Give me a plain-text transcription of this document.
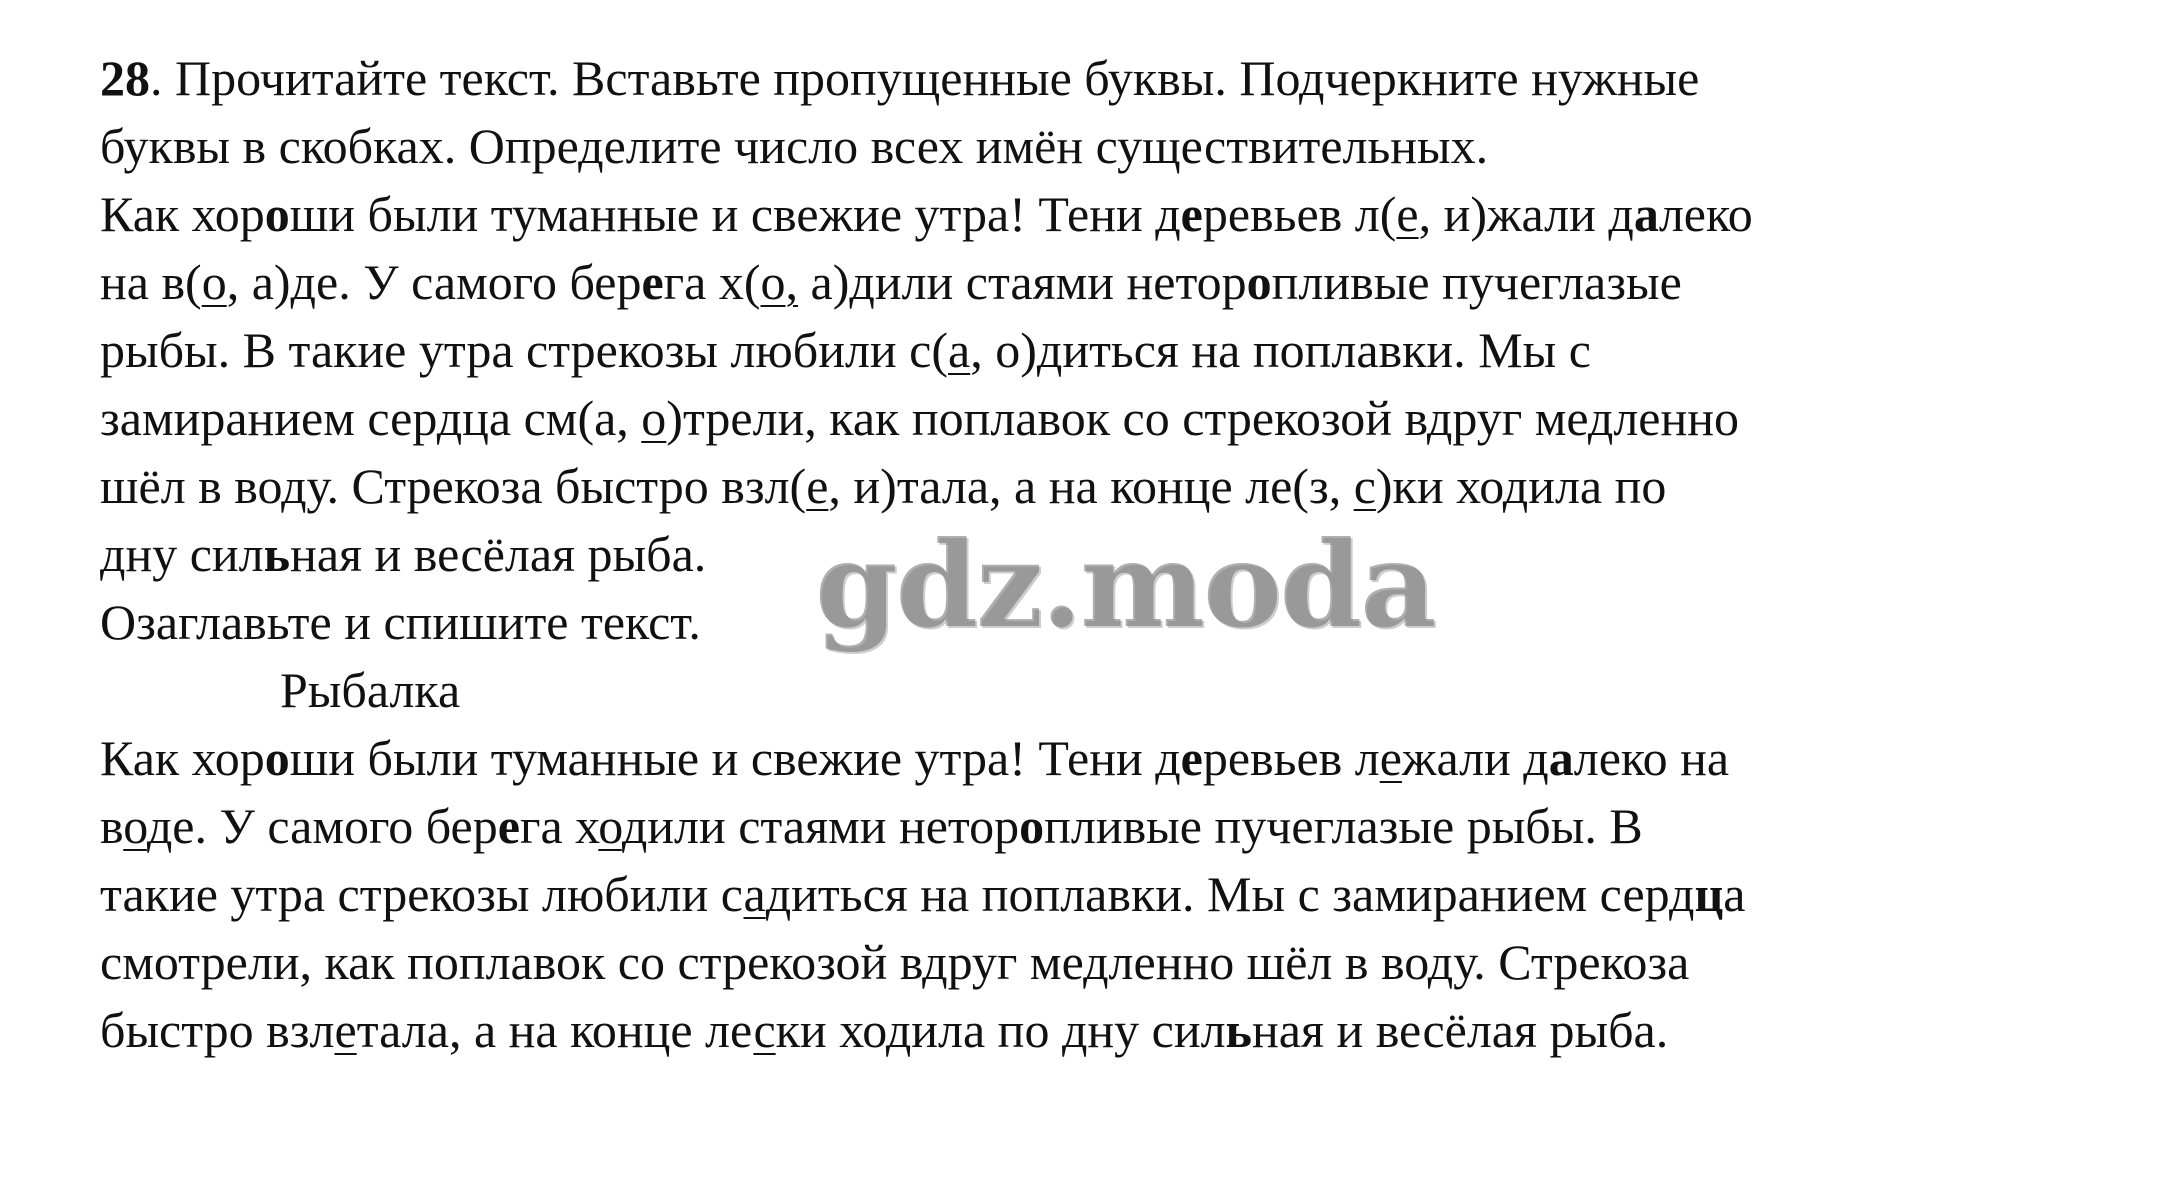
28. Прочитайте текст. Вставьте пропущенные буквы. Подчеркните нужные
буквы в скобках. Определите число всех имён существительных.
Как хороши были туманные и свежие утра! Тени деревьев л(е, и)жали далеко
на в(о, а)де. У самого берега х(о, а)дили стаями неторопливые пучеглазые
рыбы. В такие утра стрекозы любили с(а, о)диться на поплавки. Мы с
замиранием сердца см(а, о)трели, как поплавок со стрекозой вдруг медленно
шёл в воду. Стрекоза быстро взл(е, и)тала, а на конце ле(з, с)ки ходила по
дну сильная и весёлая рыба.
Озаглавьте и спишите текст.
Рыбалка
Как хороши были туманные и свежие утра! Тени деревьев лежали далеко на
воде. У самого берега ходили стаями неторопливые пучеглазые рыбы. В
такие утра стрекозы любили садиться на поплавки. Мы с замиранием сердца
смотрели, как поплавок со стрекозой вдруг медленно шёл в воду. Стрекоза
быстро взлетала, а на конце лески ходила по дну сильная и весёлая рыба.
gdz.moda
